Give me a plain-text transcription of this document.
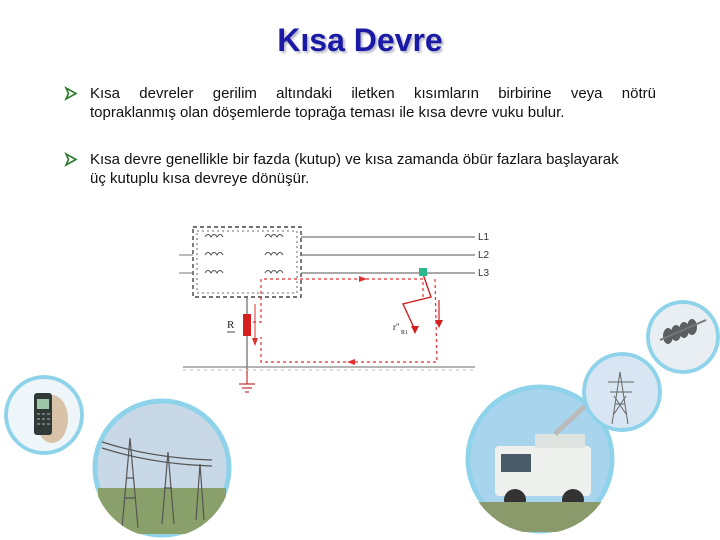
Kısa Devre
Kısa devreler gerilim altındaki iletken kısımların birbirine veya nötrü
topraklanmış olan döşemlerde toprağa teması ile kısa devre vuku bulur.
Kısa devre genellikle bir fazda (kutup) ve kısa zamanda öbür fazlara başlayarak
üç kutuplu kısa devreye dönüşür.
L1
L2
L3
R	r″
R1
